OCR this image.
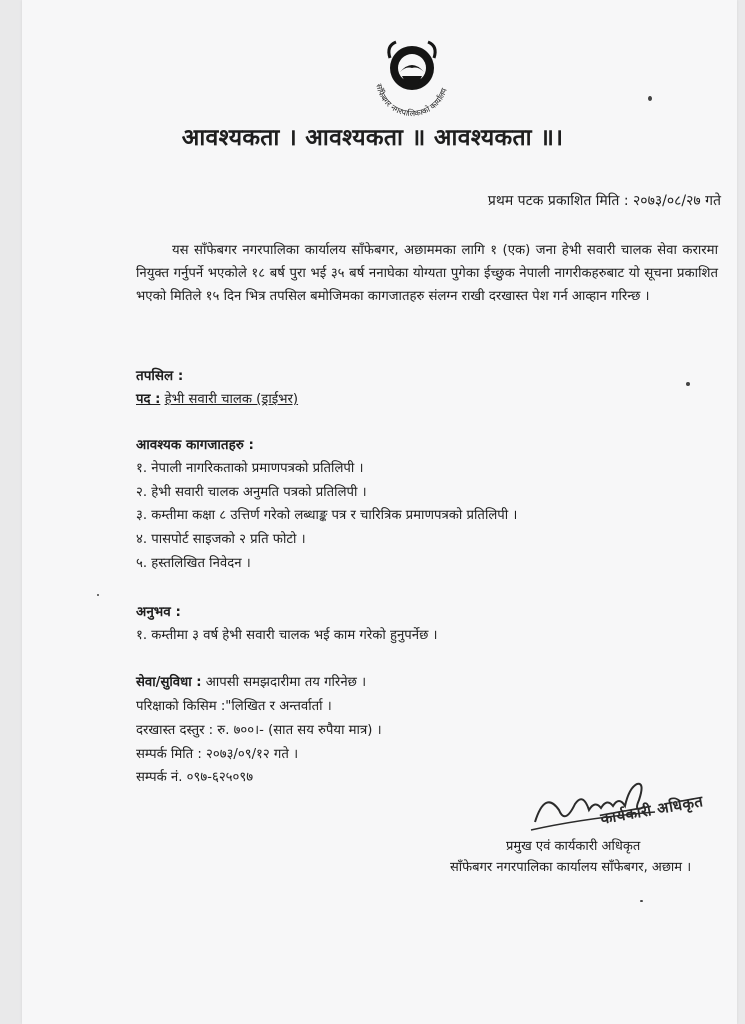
साँफेबगर नगरपालिकाको कार्यालय
आवश्यकता । आवश्यकता ॥ आवश्यकता ॥।
प्रथम पटक प्रकाशित मिति : २०७३/०८/२७ गते
यस साँफेबगर नगरपालिका कार्यालय साँफेबगर, अछाममका लागि १ (एक) जना हेभी सवारी चालक सेवा करारमा नियुक्त गर्नुपर्ने भएकोले १८ बर्ष पुरा भई ३५ बर्ष ननाघेका योग्यता पुगेका ईच्छुक नेपाली नागरीकहरुबाट यो सूचना प्रकाशित भएको मितिले १५ दिन भित्र तपसिल बमोजिमका कागजातहरु संलग्न राखी दरखास्त पेश गर्न आव्हान गरिन्छ ।
तपसिल :
पद : हेभी सवारी चालक (ड्राईभर)
आवश्यक कागजातहरु :
१. नेपाली नागरिकताको प्रमाणपत्रको प्रतिलिपी ।
२. हेभी सवारी चालक अनुमति पत्रको प्रतिलिपी ।
३. कम्तीमा कक्षा ८ उत्तिर्ण गरेको लब्धाङ्क पत्र र चारित्रिक प्रमाणपत्रको प्रतिलिपी ।
४. पासपोर्ट साइजको २ प्रति फोटो ।
५. हस्तलिखित निवेदन ।
अनुभव :
१. कम्तीमा ३ वर्ष हेभी सवारी चालक भई काम गरेको हुनुपर्नेछ ।
सेवा/सुविधा : आपसी समझदारीमा तय गरिनेछ ।
परिक्षाको किसिम :"लिखित र अन्तर्वार्ता ।
दरखास्त दस्तुर : रु. ७००।- (सात सय रुपैया मात्र) ।
सम्पर्क मिति : २०७३/०९/१२ गते ।
सम्पर्क नं. ०९७-६२५०९७
कार्यकारी अधिकृत
प्रमुख एवं कार्यकारी अधिकृत
साँफेबगर नगरपालिका कार्यालय साँफेबगर, अछाम ।
